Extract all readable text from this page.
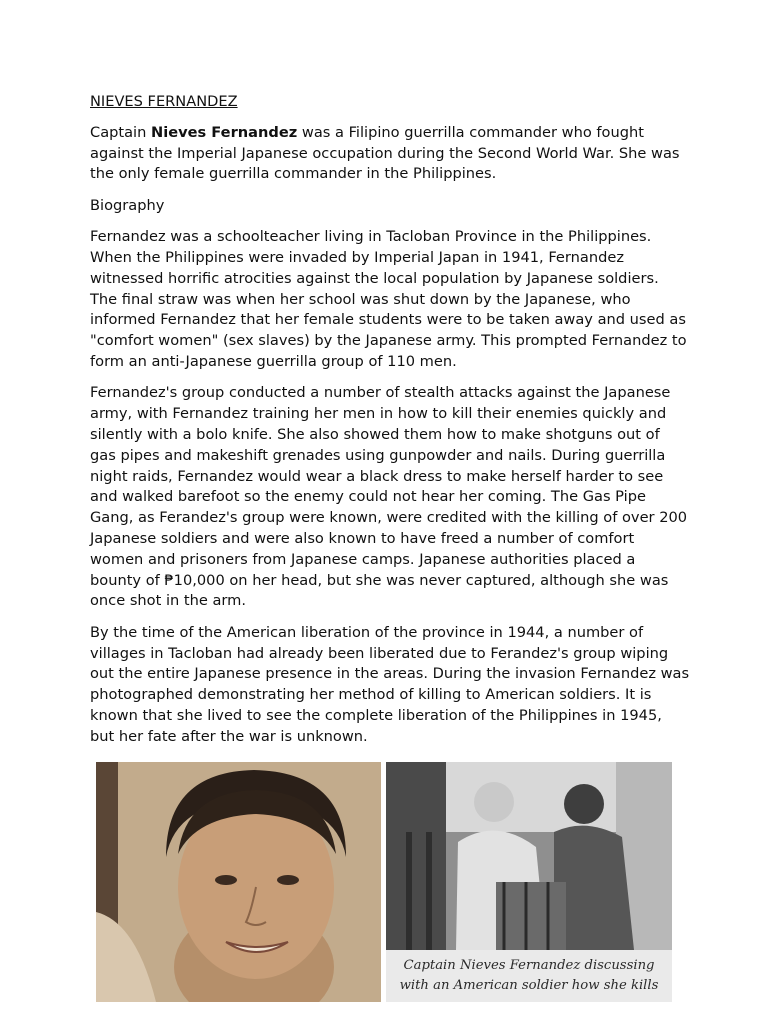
NIEVES FERNANDEZ

Captain Nieves Fernandez was a Filipino guerrilla commander who fought against the Imperial Japanese occupation during the Second World War. She was the only female guerrilla commander in the Philippines.

Biography

Fernandez was a schoolteacher living in Tacloban Province in the Philippines. When the Philippines were invaded by Imperial Japan in 1941, Fernandez witnessed horrific atrocities against the local population by Japanese soldiers. The final straw was when her school was shut down by the Japanese, who informed Fernandez that her female students were to be taken away and used as "comfort women" (sex slaves) by the Japanese army. This prompted Fernandez to form an anti-Japanese guerrilla group of 110 men.

Fernandez's group conducted a number of stealth attacks against the Japanese army, with Fernandez training her men in how to kill their enemies quickly and silently with a bolo knife. She also showed them how to make shotguns out of gas pipes and makeshift grenades using gunpowder and nails. During guerrilla night raids, Fernandez would wear a black dress to make herself harder to see and walked barefoot so the enemy could not hear her coming. The Gas Pipe Gang, as Ferandez's group were known, were credited with the killing of over 200 Japanese soldiers and were also known to have freed a number of comfort women and prisoners from Japanese camps. Japanese authorities placed a bounty of ₱10,000 on her head, but she was never captured, although she was once shot in the arm.

By the time of the American liberation of the province in 1944, a number of villages in Tacloban had already been liberated due to Ferandez's group wiping out the entire Japanese presence in the areas. During the invasion Fernandez was photographed demonstrating her method of killing to American soldiers. It is known that she lived to see the complete liberation of the Philippines in 1945, but her fate after the war is unknown.

Captain Nieves Fernandez discussing
with an American soldier how she kills
